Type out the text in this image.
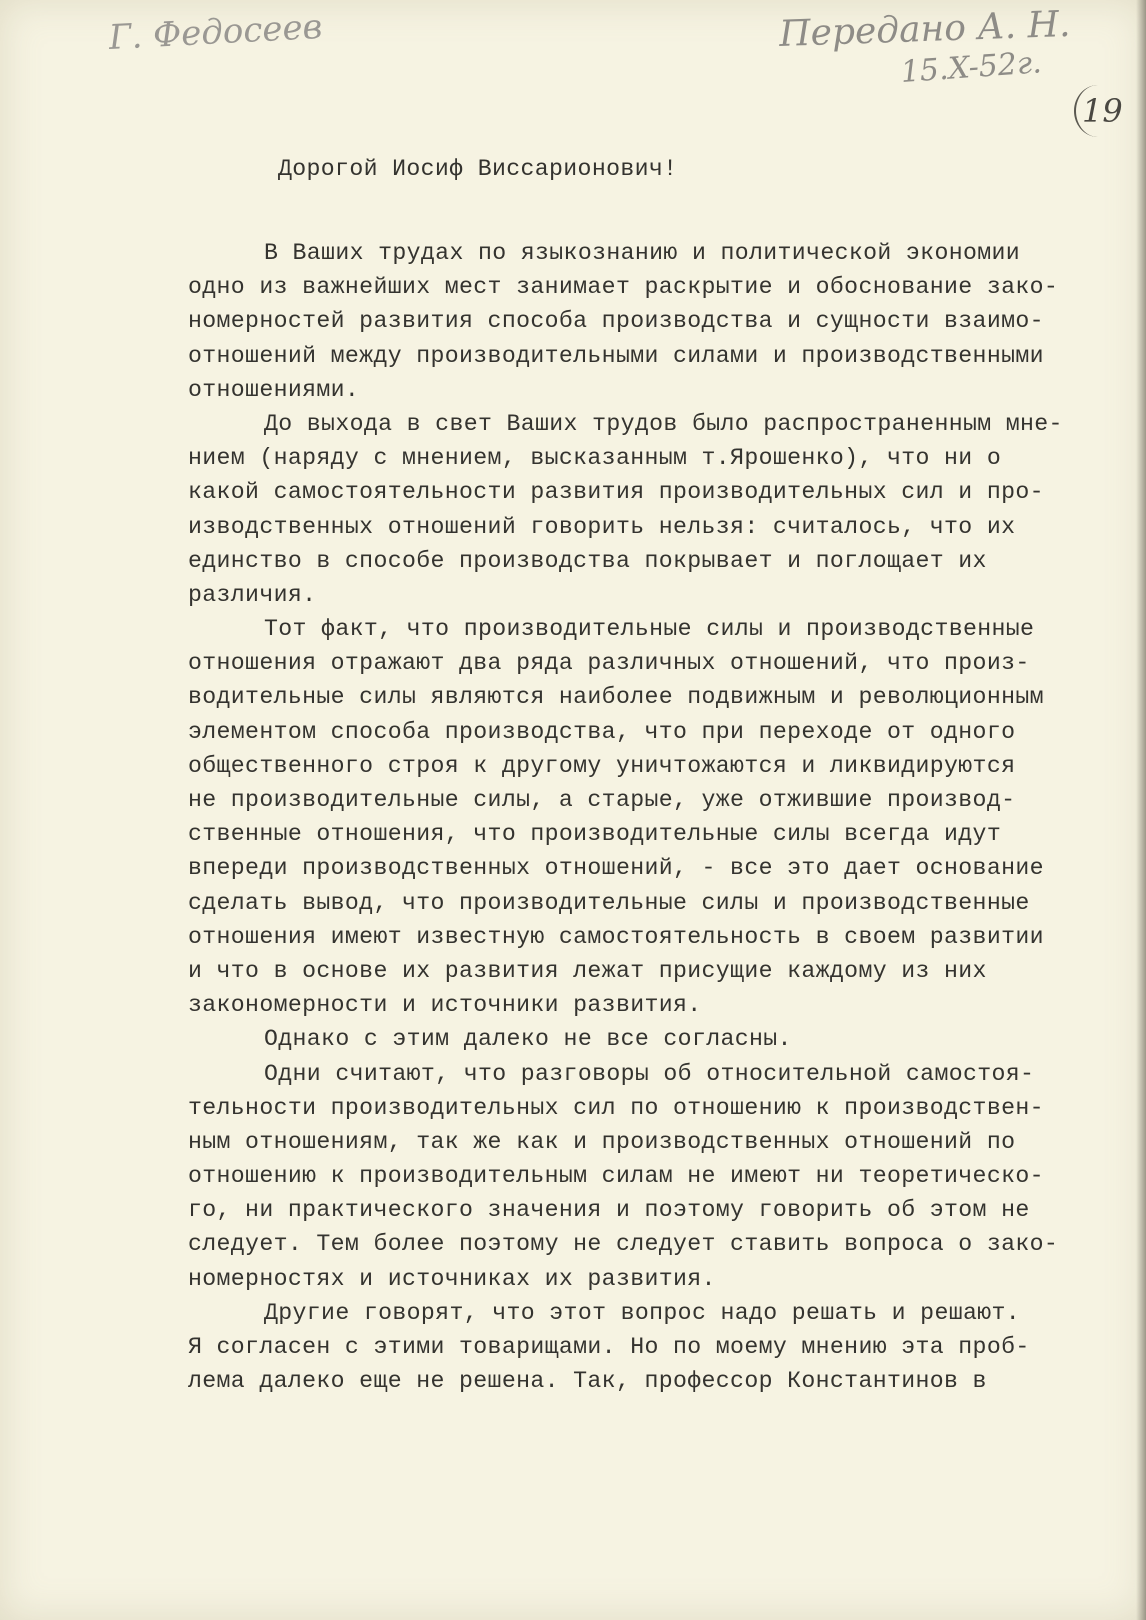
Г. Федосеев	Передано А. Н.
15.X-52г.
19
Дорогой Иосиф Виссарионович!
В Ваших трудах по языкознанию и политической экономии
одно из важнейших мест занимает раскрытие и обоснование зако-
номерностей развития способа производства и сущности взаимо-
отношений между производительными силами и производственными
отношениями.
До выхода в свет Ваших трудов было распространенным мне-
нием (наряду с мнением, высказанным т.Ярошенко), что ни о
какой самостоятельности развития производительных сил и про-
изводственных отношений говорить нельзя: считалось, что их
единство в способе производства покрывает и поглощает их
различия.
Тот факт, что производительные силы и производственные
отношения отражают два ряда различных отношений, что произ-
водительные силы являются наиболее подвижным и революционным
элементом способа производства, что при переходе от одного
общественного строя к другому уничтожаются и ликвидируются
не производительные силы, а старые, уже отжившие производ-
ственные отношения, что производительные силы всегда идут
впереди производственных отношений, - все это дает основание
сделать вывод, что производительные силы и производственные
отношения имеют известную самостоятельность в своем развитии
и что в основе их развития лежат присущие каждому из них
закономерности и источники развития.
Однако с этим далеко не все согласны.
Одни считают, что разговоры об относительной самостоя-
тельности производительных сил по отношению к производствен-
ным отношениям, так же как и производственных отношений по
отношению к производительным силам не имеют ни теоретическо-
го, ни практического значения и поэтому говорить об этом не
следует. Тем более поэтому не следует ставить вопроса о зако-
номерностях и источниках их развития.
Другие говорят, что этот вопрос надо решать и решают.
Я согласен с этими товарищами. Но по моему мнению эта проб-
лема далеко еще не решена. Так, профессор Константинов в
